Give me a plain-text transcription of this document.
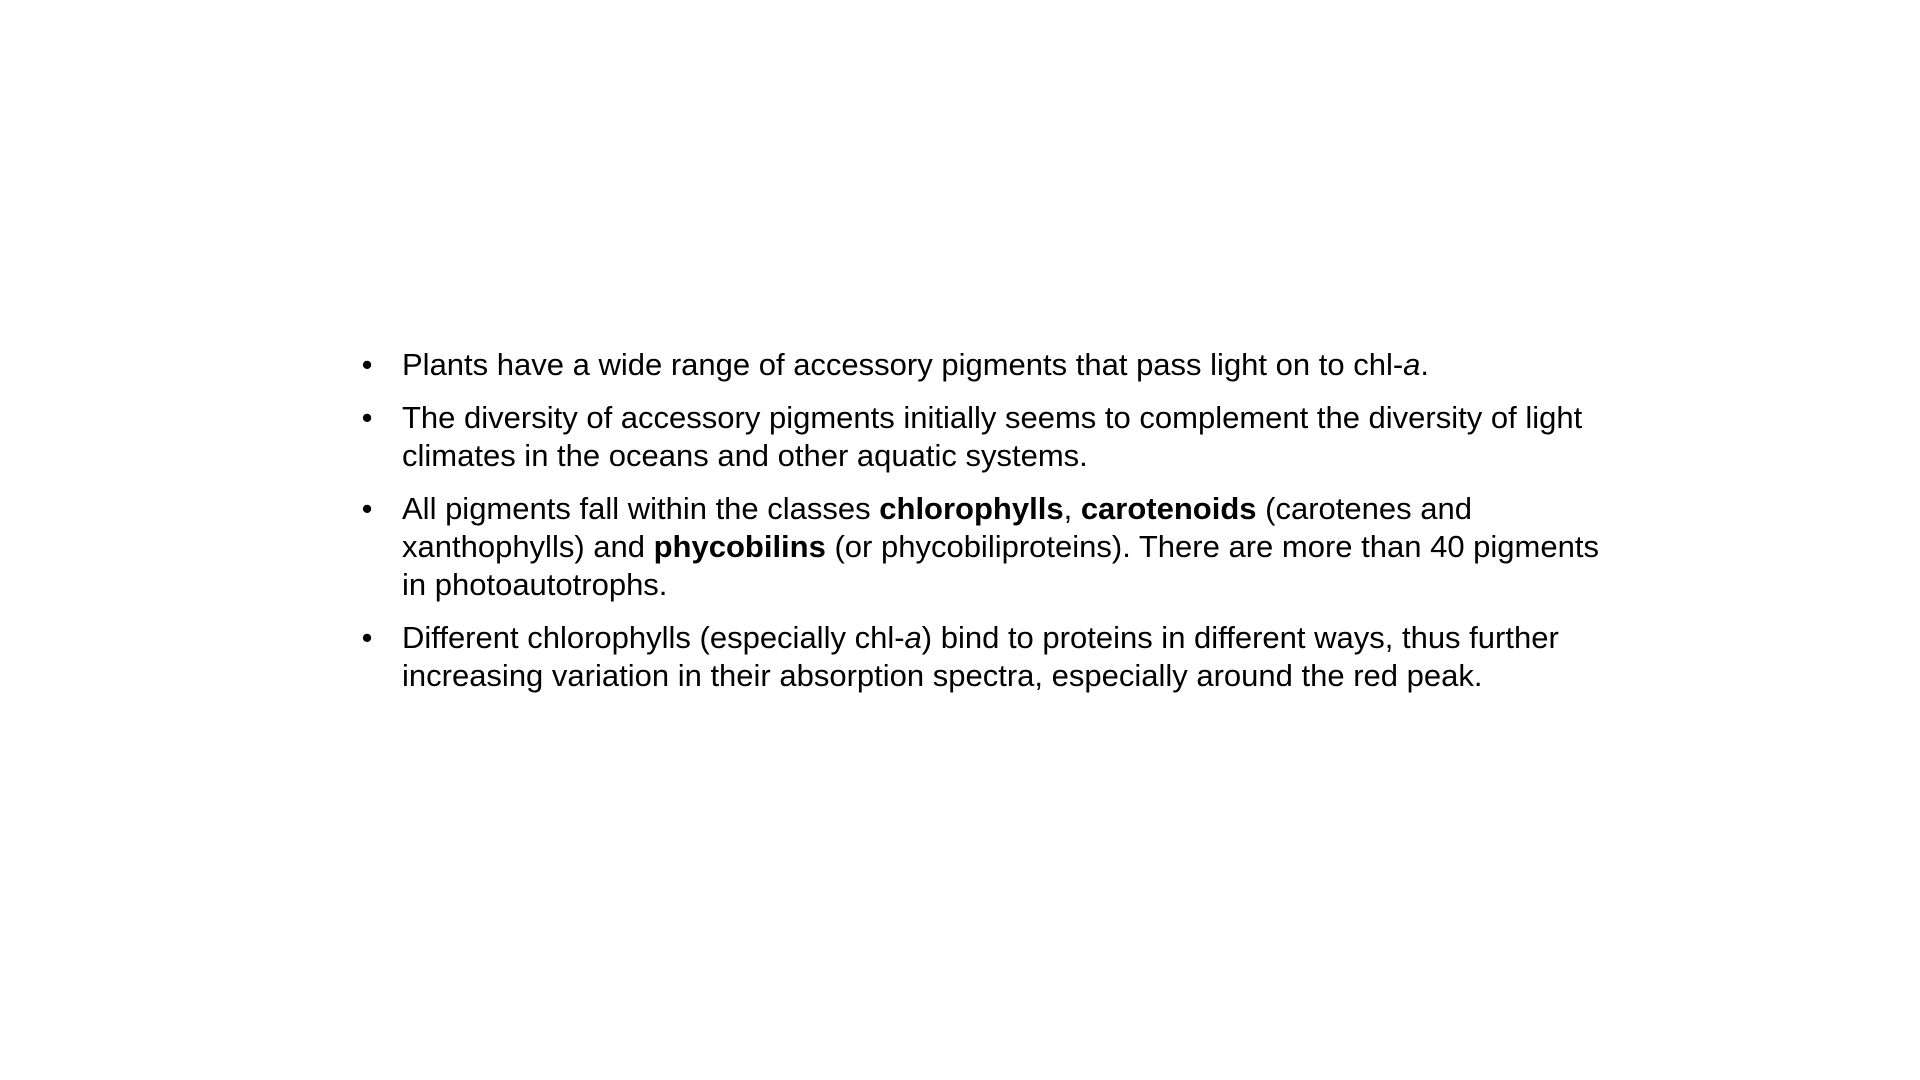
• Plants have a wide range of accessory pigments that pass light on to chl-a.
• The diversity of accessory pigments initially seems to complement the diversity of light climates in the oceans and other aquatic systems.
• All pigments fall within the classes chlorophylls, carotenoids (carotenes and xanthophylls) and phycobilins (or phycobiliproteins). There are more than 40 pigments in photoautotrophs.
• Different chlorophylls (especially chl-a) bind to proteins in different ways, thus further increasing variation in their absorption spectra, especially around the red peak.
